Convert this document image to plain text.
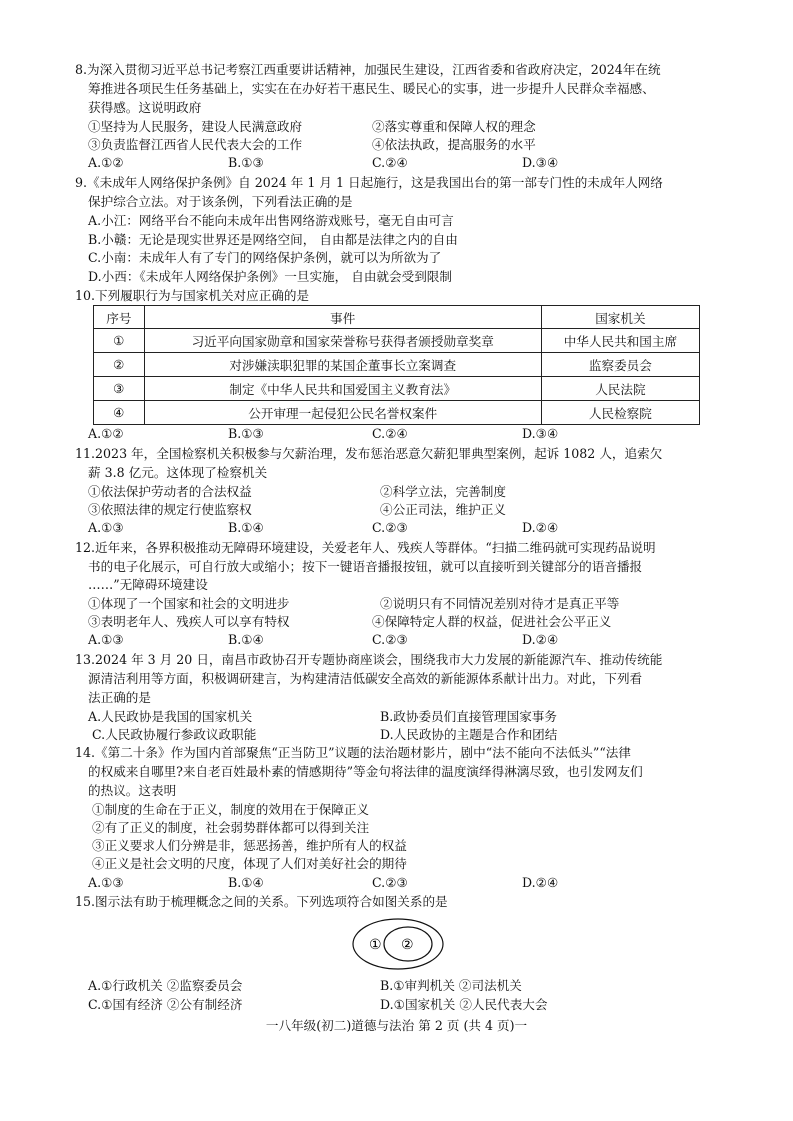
8.为深入贯彻习近平总书记考察江西重要讲话精神，加强民生建设，江西省委和省政府决定，2024年在统
筹推进各项民生任务基础上，实实在在办好若干惠民生、暖民心的实事，进一步提升人民群众幸福感、
获得感。这说明政府
①坚持为人民服务，建设人民满意政府	②落实尊重和保障人权的理念
③负责监督江西省人民代表大会的工作	④依法执政，提高服务的水平
A.①②	B.①③	C.②④	D.③④
9.《未成年人网络保护条例》自 2024 年 1 月 1 日起施行，这是我国出台的第一部专门性的未成年人网络
保护综合立法。对于该条例，下列看法正确的是
A.小江：网络平台不能向未成年出售网络游戏账号，毫无自由可言
B.小赣：无论是现实世界还是网络空间， 自由都是法律之内的自由
C.小南：未成年人有了专门的网络保护条例，就可以为所欲为了
D.小西：《未成年人网络保护条例》一旦实施， 自由就会受到限制
10.下列履职行为与国家机关对应正确的是
序号	事件	国家机关
①	习近平向国家勋章和国家荣誉称号获得者颁授勋章奖章	中华人民共和国主席
②	对涉嫌渎职犯罪的某国企董事长立案调查	监察委员会
③	制定《中华人民共和国爱国主义教育法》	人民法院
④	公开审理一起侵犯公民名誉权案件	人民检察院
A.①②	B.①③	C.②④	D.③④
11.2023 年，全国检察机关积极参与欠薪治理，发布惩治恶意欠薪犯罪典型案例，起诉 1082 人，追索欠
薪 3.8 亿元。这体现了检察机关
①依法保护劳动者的合法权益	②科学立法，完善制度
③依照法律的规定行使监察权	④公正司法，维护正义
A.①③	B.①④	C.②③	D.②④
12.近年来，各界积极推动无障碍环境建设，关爱老年人、残疾人等群体。“扫描二维码就可实现药品说明
书的电子化展示，可自行放大或缩小；按下一键语音播报按钮，就可以直接听到关键部分的语音播报
……”无障碍环境建设
①体现了一个国家和社会的文明进步	②说明只有不同情况差别对待才是真正平等
③表明老年人、残疾人可以享有特权	④保障特定人群的权益，促进社会公平正义
A.①③	B.①④	C.②③	D.②④
13.2024 年 3 月 20 日，南昌市政协召开专题协商座谈会，围绕我市大力发展的新能源汽车、推动传统能
源清洁利用等方面，积极调研建言，为构建清洁低碳安全高效的新能源体系献计出力。对此，下列看
法正确的是
A.人民政协是我国的国家机关	B.政协委员们直接管理国家事务
C.人民政协履行参政议政职能	D.人民政协的主题是合作和团结
14.《第二十条》作为国内首部聚焦“正当防卫”议题的法治题材影片，剧中“法不能向不法低头”“法律
的权威来自哪里?来自老百姓最朴素的情感期待”等金句将法律的温度演绎得淋漓尽致，也引发网友们
的热议。这表明
①制度的生命在于正义，制度的效用在于保障正义
②有了正义的制度，社会弱势群体都可以得到关注
③正义要求人们分辨是非，惩恶扬善，维护所有人的权益
④正义是社会文明的尺度，体现了人们对美好社会的期待
A.①③	B.①④	C.②③	D.②④
15.图示法有助于梳理概念之间的关系。下列选项符合如图关系的是
① ②
A.①行政机关 ②监察委员会	B.①审判机关 ②司法机关
C.①国有经济 ②公有制经济	D.①国家机关 ②人民代表大会
一八年级(初二)道德与法治 第 2 页 (共 4 页)一
